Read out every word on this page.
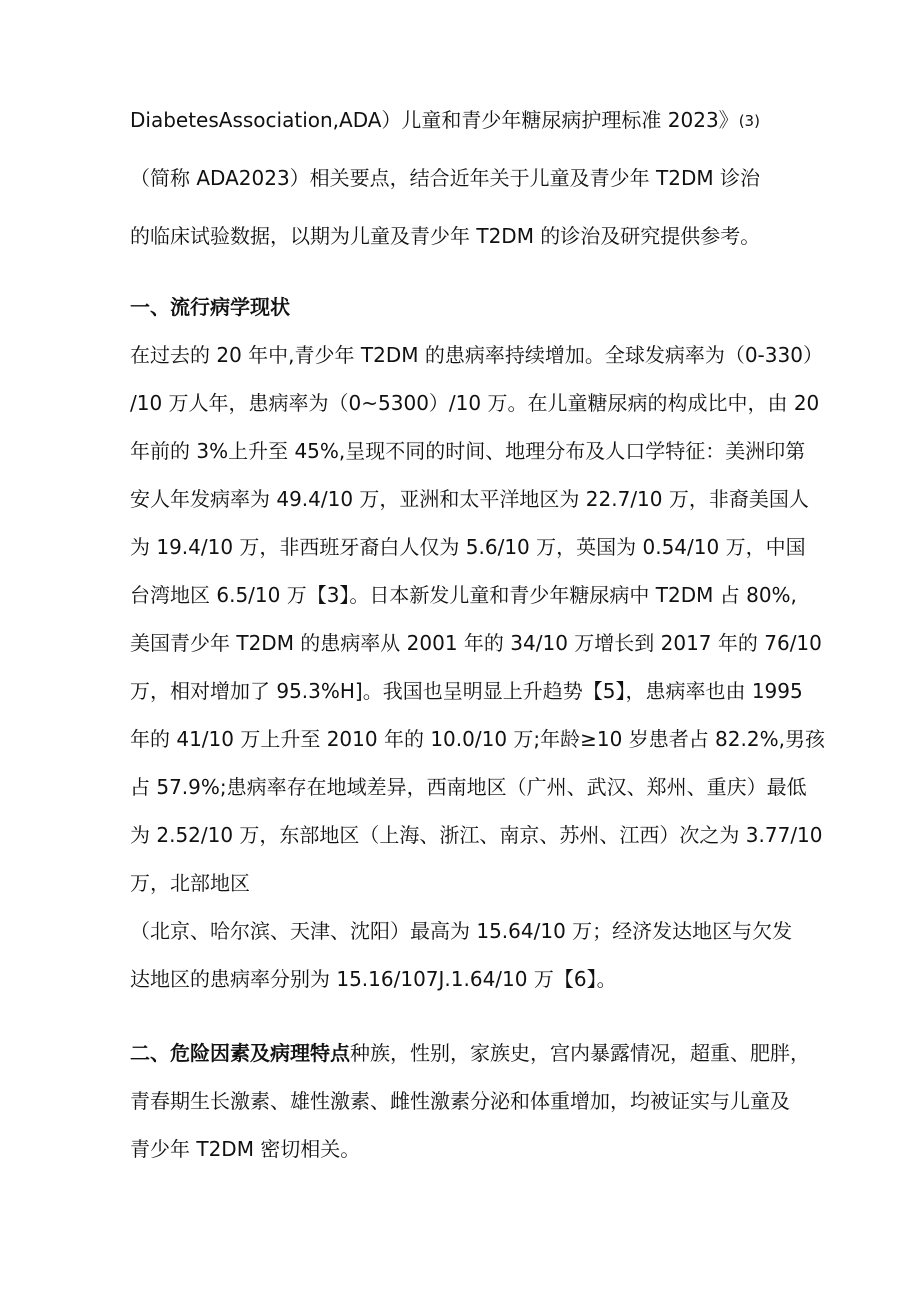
DiabetesAssociation,ADA）儿童和青少年糖尿病护理标准 2023》(3)
（简称 ADA2023）相关要点，结合近年关于儿童及青少年 T2DM 诊治
的临床试验数据，以期为儿童及青少年 T2DM 的诊治及研究提供参考。
一、流行病学现状
在过去的 20 年中,青少年 T2DM 的患病率持续增加。全球发病率为（0-330）
/10 万人年，患病率为（0~5300）/10 万。在儿童糖尿病的构成比中，由 20
年前的 3%上升至 45%,呈现不同的时间、地理分布及人口学特征：美洲印第
安人年发病率为 49.4/10 万，亚洲和太平洋地区为 22.7/10 万，非裔美国人
为 19.4/10 万，非西班牙裔白人仅为 5.6/10 万，英国为 0.54/10 万，中国
台湾地区 6.5/10 万【3】。日本新发儿童和青少年糖尿病中 T2DM 占 80%,
美国青少年 T2DM 的患病率从 2001 年的 34/10 万增长到 2017 年的 76/10
万，相对增加了 95.3%H]。我国也呈明显上升趋势【5】，患病率也由 1995
年的 41/10 万上升至 2010 年的 10.0/10 万;年龄≥10 岁患者占 82.2%,男孩
占 57.9%;患病率存在地域差异，西南地区（广州、武汉、郑州、重庆）最低
为 2.52/10 万，东部地区（上海、浙江、南京、苏州、江西）次之为 3.77/10
万，北部地区
（北京、哈尔滨、天津、沈阳）最高为 15.64/10 万；经济发达地区与欠发
达地区的患病率分别为 15.16/107J.1.64/10 万【6】。
二、危险因素及病理特点种族，性别，家族史，宫内暴露情况，超重、肥胖，
青春期生长激素、雄性激素、雌性激素分泌和体重增加，均被证实与儿童及
青少年 T2DM 密切相关。
